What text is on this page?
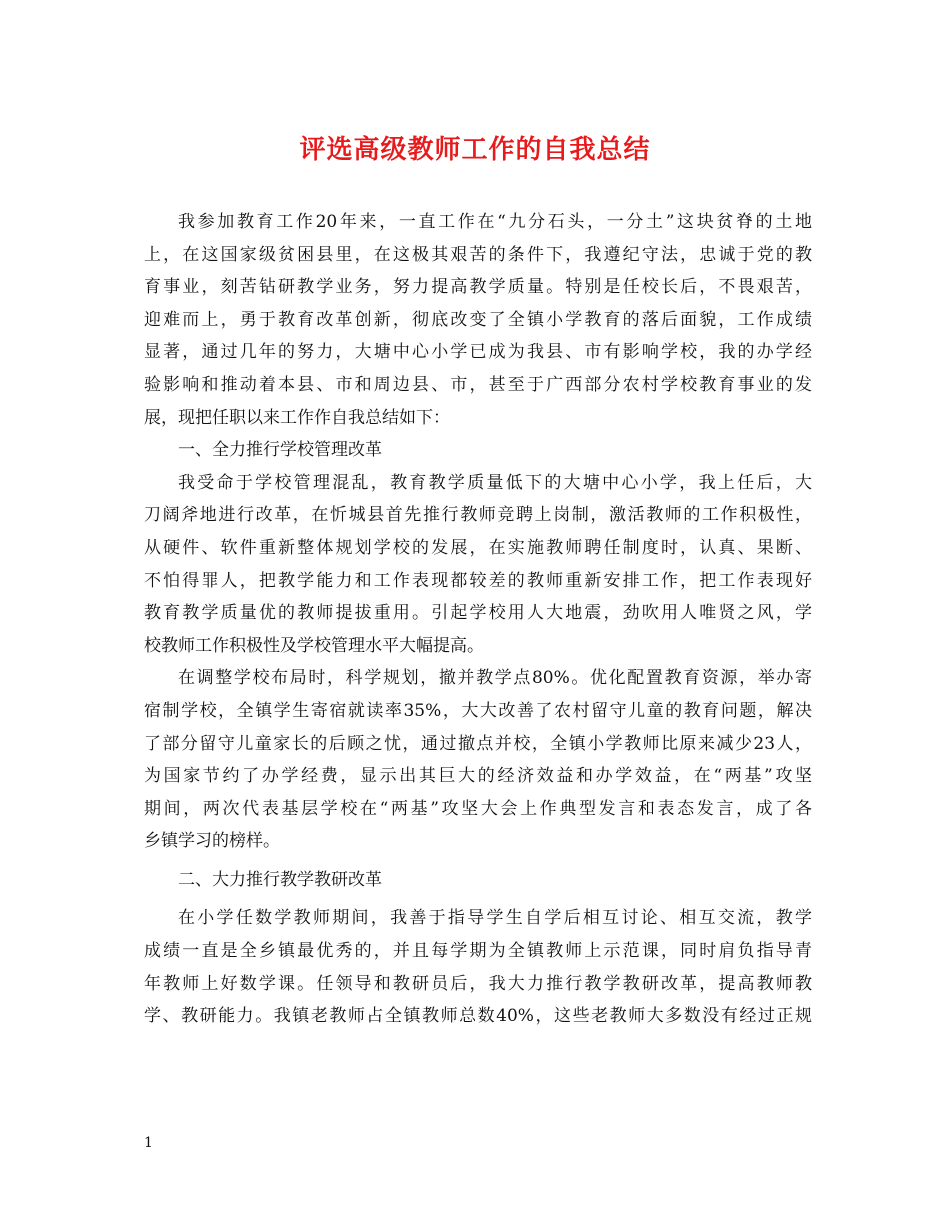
评选高级教师工作的自我总结
我参加教育工作20年来，一直工作在“九分石头，一分土”这块贫脊的土地
上，在这国家级贫困县里，在这极其艰苦的条件下，我遵纪守法，忠诚于党的教
育事业，刻苦钻研教学业务，努力提高教学质量。特别是任校长后，不畏艰苦，
迎难而上，勇于教育改革创新，彻底改变了全镇小学教育的落后面貌，工作成绩
显著，通过几年的努力，大塘中心小学已成为我县、市有影响学校，我的办学经
验影响和推动着本县、市和周边县、市，甚至于广西部分农村学校教育事业的发
展，现把任职以来工作作自我总结如下：
一、全力推行学校管理改革
我受命于学校管理混乱，教育教学质量低下的大塘中心小学，我上任后，大
刀阔斧地进行改革，在忻城县首先推行教师竞聘上岗制，激活教师的工作积极性，
从硬件、软件重新整体规划学校的发展，在实施教师聘任制度时，认真、果断、
不怕得罪人，把教学能力和工作表现都较差的教师重新安排工作，把工作表现好
教育教学质量优的教师提拔重用。引起学校用人大地震，劲吹用人唯贤之风，学
校教师工作积极性及学校管理水平大幅提高。
在调整学校布局时，科学规划，撤并教学点80%。优化配置教育资源，举办寄
宿制学校，全镇学生寄宿就读率35%，大大改善了农村留守儿童的教育问题，解决
了部分留守儿童家长的后顾之忧，通过撤点并校，全镇小学教师比原来减少23人，
为国家节约了办学经费，显示出其巨大的经济效益和办学效益，在“两基”攻坚
期间，两次代表基层学校在“两基”攻坚大会上作典型发言和表态发言，成了各
乡镇学习的榜样。
二、大力推行教学教研改革
在小学任数学教师期间，我善于指导学生自学后相互讨论、相互交流，教学
成绩一直是全乡镇最优秀的，并且每学期为全镇教师上示范课，同时肩负指导青
年教师上好数学课。任领导和教研员后，我大力推行教学教研改革，提高教师教
学、教研能力。我镇老教师占全镇教师总数40%，这些老教师大多数没有经过正规
1
